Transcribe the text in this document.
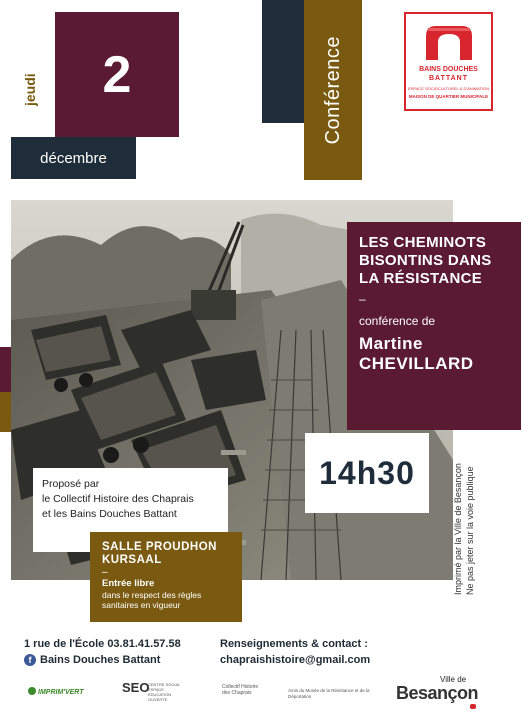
jeudi 2
décembre
Conférence	BAINS DOUCHES
BATTANT
ESPACE SOCIOCULTUREL & D'ANIMATION
MAISON DE QUARTIER MUNICIPALE
LES CHEMINOTS
BISONTINS DANS
LA RÉSISTANCE
–
conférence de
Martine
CHEVILLARD
14h30	Imprimé par la Ville de Besançon Ne pas jeter sur la voie publique
Proposé par
le Collectif Histoire des Chaprais
et les Bains Douches Battant
SALLE PROUDHON
KURSAAL
–
Entrée libre
dans le respect des règles
sanitaires en vigueur
1 rue de l'École 03.81.41.57.58
f Bains Douches Battant
Renseignements & contact :
chapraishistoire@gmail.com
IMPRIM'VERT	SEO
CENTRE SOCIAL ESPACE ÉDUCATION OUVERTE
Collectif Histoire des Chaprais	Amis du Musée de la Résistance et de la Déportation
Ville de
Besançon
